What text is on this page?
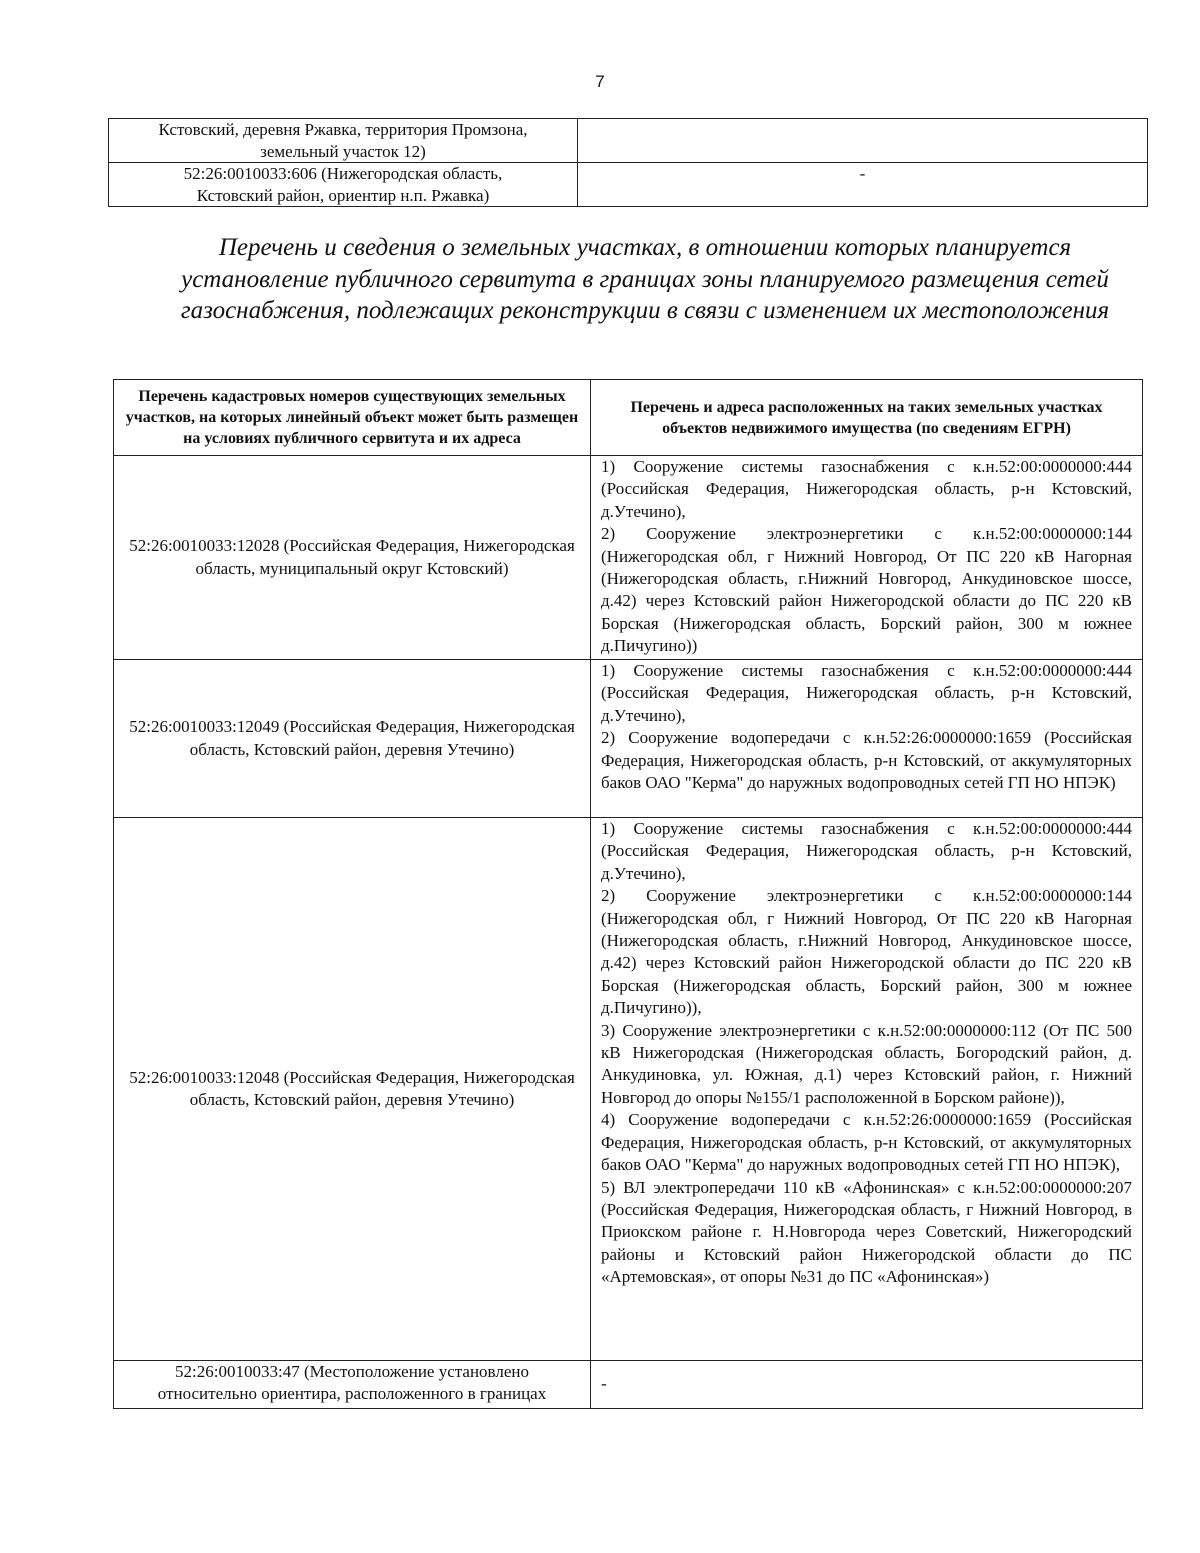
7
Кстовский, деревня Ржавка, территория Промзона,
земельный участок 12)	
52:26:0010033:606 (Нижегородская область,
Кстовский район, ориентир н.п. Ржавка)	-
Перечень и сведения о земельных участках, в отношении которых планируется установление публичного сервитута в границах зоны планируемого размещения сетей газоснабжения, подлежащих реконструкции в связи с изменением их местоположения
Перечень кадастровых номеров существующих земельных участков, на которых линейный объект может быть размещен на условиях публичного сервитута и их адреса	Перечень и адреса расположенных на таких земельных участках объектов недвижимого имущества (по сведениям ЕГРН)
52:26:0010033:12028 (Российская Федерация, Нижегородская область, муниципальный округ Кстовский)	1) Сооружение системы газоснабжения с к.н.52:00:0000000:444 (Российская Федерация, Нижегородская область, р-н Кстовский, д.Утечино),
2) Сооружение электроэнергетики с к.н.52:00:0000000:144 (Нижегородская обл, г Нижний Новгород, От ПС 220 кВ Нагорная (Нижегородская область, г.Нижний Новгород, Анкудиновское шоссе, д.42) через Кстовский район Нижегородской области до ПС 220 кВ Борская (Нижегородская область, Борский район, 300 м южнее д.Пичугино))

52:26:0010033:12049 (Российская Федерация, Нижегородская область, Кстовский район, деревня Утечино)	1) Сооружение системы газоснабжения с к.н.52:00:0000000:444 (Российская Федерация, Нижегородская область, р-н Кстовский, д.Утечино),
2) Сооружение водопередачи с к.н.52:26:0000000:1659 (Российская Федерация, Нижегородская область, р-н Кстовский, от аккумуляторных баков ОАО "Керма" до наружных водопроводных сетей ГП НО НПЭК)

52:26:0010033:12048 (Российская Федерация, Нижегородская область, Кстовский район, деревня Утечино)	1) Сооружение системы газоснабжения с к.н.52:00:0000000:444 (Российская Федерация, Нижегородская область, р-н Кстовский, д.Утечино),
2) Сооружение электроэнергетики с к.н.52:00:0000000:144 (Нижегородская обл, г Нижний Новгород, От ПС 220 кВ Нагорная (Нижегородская область, г.Нижний Новгород, Анкудиновское шоссе, д.42) через Кстовский район Нижегородской области до ПС 220 кВ Борская (Нижегородская область, Борский район, 300 м южнее д.Пичугино)),
3) Сооружение электроэнергетики с к.н.52:00:0000000:112 (От ПС 500 кВ Нижегородская (Нижегородская область, Богородский район, д. Анкудиновка, ул. Южная, д.1) через Кстовский район, г. Нижний Новгород до опоры №155/1 расположенной в Борском районе)),
4) Сооружение водопередачи с к.н.52:26:0000000:1659 (Российская Федерация, Нижегородская область, р-н Кстовский, от аккумуляторных баков ОАО "Керма" до наружных водопроводных сетей ГП НО НПЭК),
5) ВЛ электропередачи 110 кВ «Афонинская» с к.н.52:00:0000000:207 (Российская Федерация, Нижегородская область, г Нижний Новгород, в Приокском районе г. Н.Новгорода через Советский, Нижегородский районы и Кстовский район Нижегородской области до ПС «Артемовская», от опоры №31 до ПС «Афонинская»)

52:26:0010033:47 (Местоположение установлено относительно ориентира, расположенного в границах	-
